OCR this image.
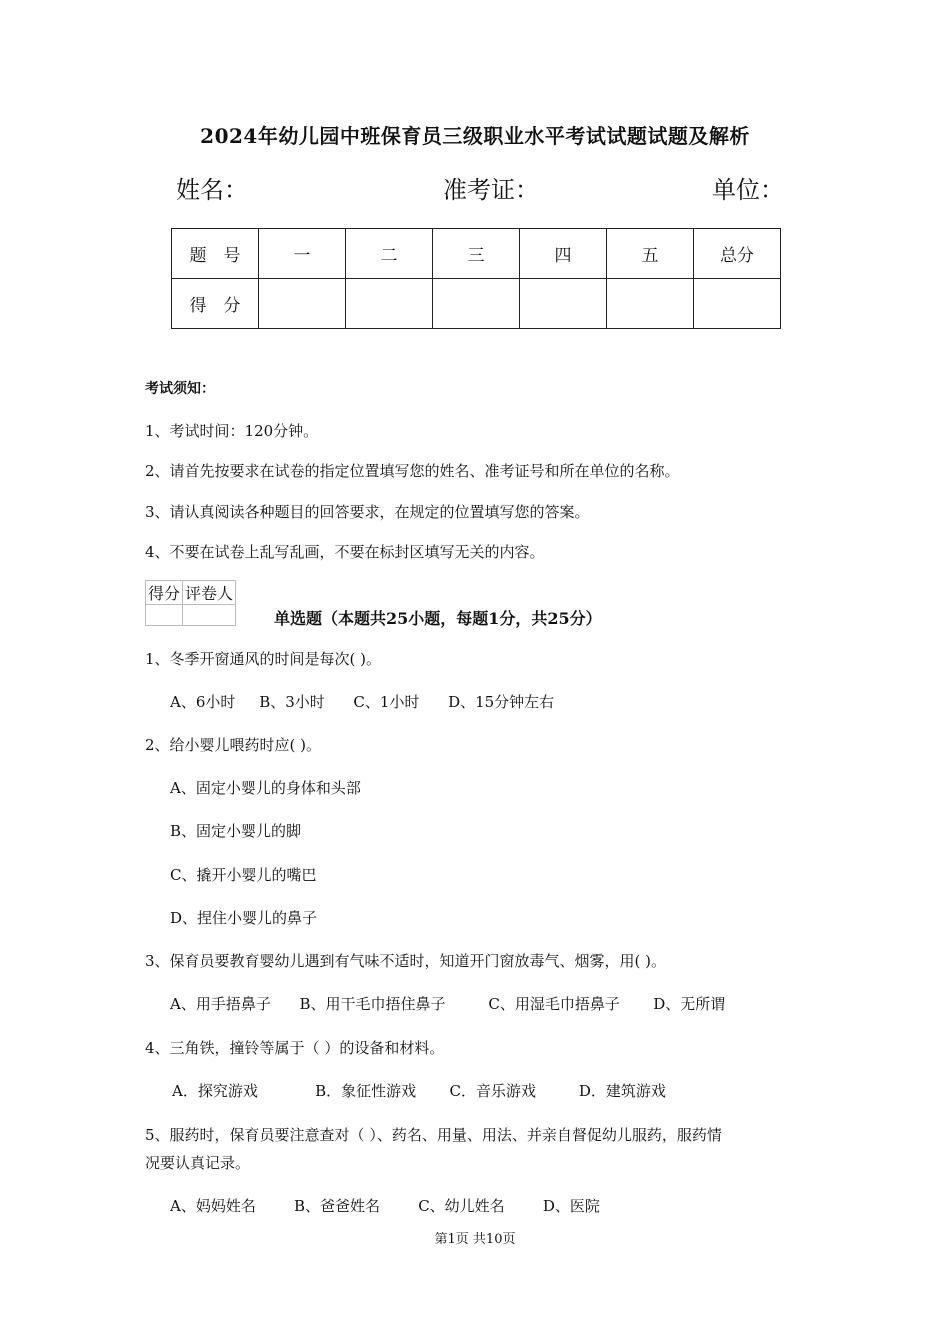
2024年幼儿园中班保育员三级职业水平考试试题试题及解析
姓名：	准考证：	单位：
题　号	一	二	三	四	五	总分
得　分						
考试须知：
1、考试时间：120分钟。
2、请首先按要求在试卷的指定位置填写您的姓名、准考证号和所在单位的名称。
3、请认真阅读各种题目的回答要求，在规定的位置填写您的答案。
4、不要在试卷上乱写乱画，不要在标封区填写无关的内容。
得分	评卷人

单选题（本题共25小题，每题1分，共25分）
1、冬季开窗通风的时间是每次( )。
A、6小时 B、3小时 C、1小时 D、15分钟左右
2、给小婴儿喂药时应( )。
A、固定小婴儿的身体和头部
B、固定小婴儿的脚
C、撬开小婴儿的嘴巴
D、捏住小婴儿的鼻子
3、保育员要教育婴幼儿遇到有气味不适时，知道开门窗放毒气、烟雾，用( )。
A、用手捂鼻子 B、用干毛巾捂住鼻子	C、用湿毛巾捂鼻子 D、无所谓
4、三角铁，撞铃等属于（ ）的设备和材料。
A．探究游戏	B．象征性游戏 C．音乐游戏	D．建筑游戏
5、服药时，保育员要注意查对（ ）、药名、用量、用法、并亲自督促幼儿服药，服药情
况要认真记录。
A、妈妈姓名	B、爸爸姓名	C、幼儿姓名	D、医院
第1页 共10页
